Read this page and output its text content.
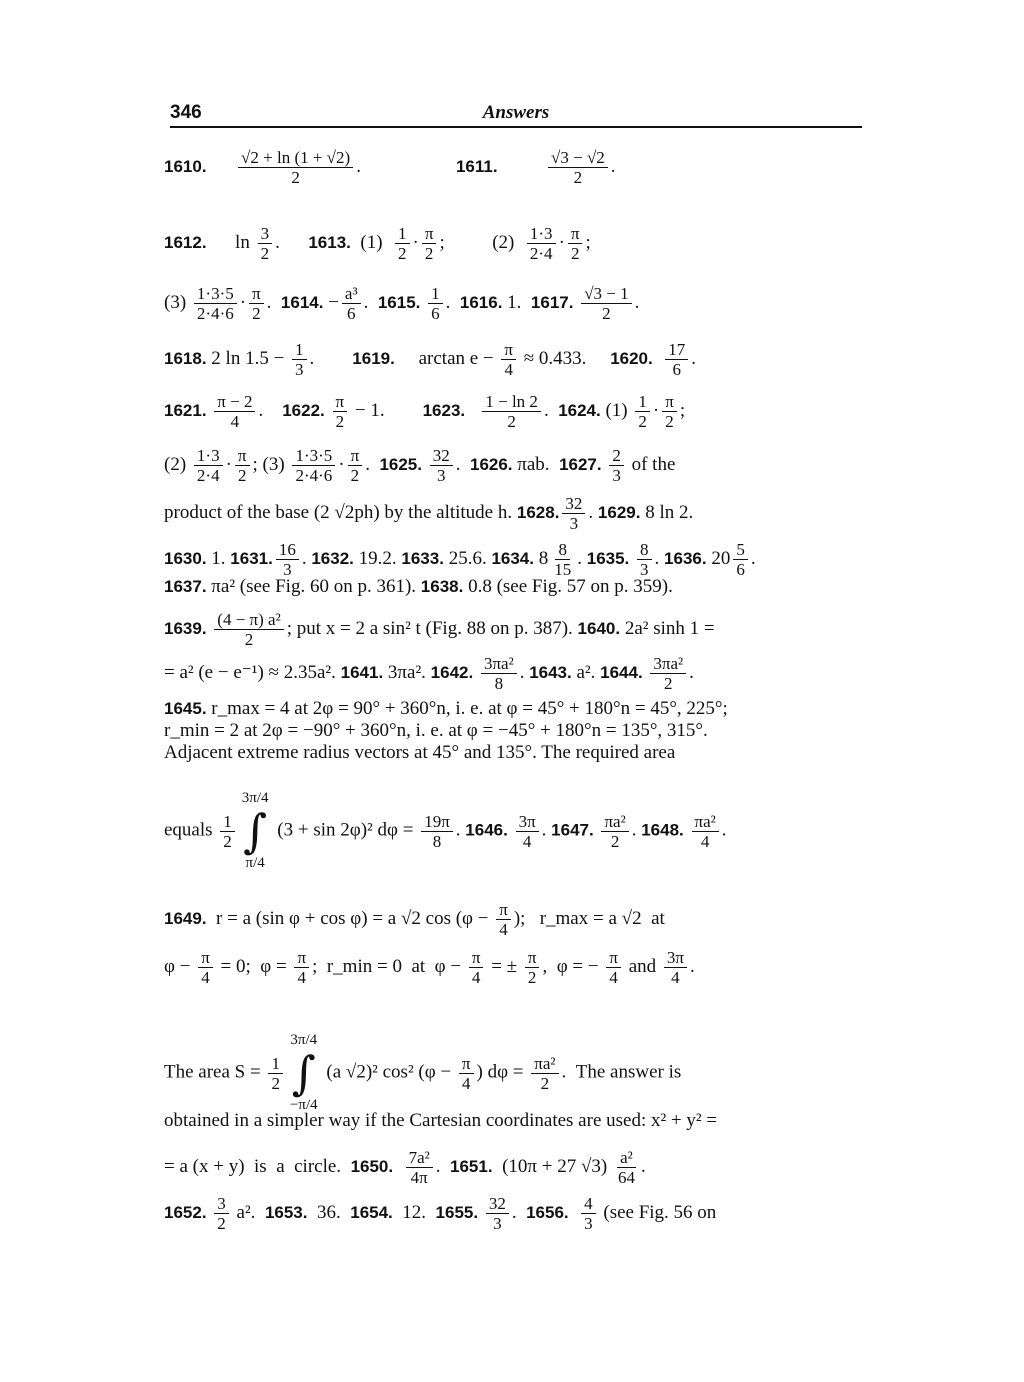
346	Answers
1610. $\frac{√2 + \ln (1 + √2)}{2}$ .                    1611.	$\frac{√3 - √2}{2}$ .
1612.      $\ln \frac{3}{2}$ .      1613.  $(1) \frac{1}{2} \cdot \frac{\pi}{2}$ ;          $(2) \frac{1\cdot 3}{2\cdot 4} \cdot \frac{\pi}{2}$ ;
$(3) \frac{1\cdot 3\cdot 5}{2\cdot 4\cdot 6} \cdot \frac{\pi}{2}$ .  1614. − $\frac{\text{a³}}{6}$ .  1615. $\frac{1}{6}$ .  1616. 1.  1617. $\frac{√3 - 1}{2}$ .
1618. 2 $\ln 1.5 - \frac{1}{3}$ .        1619.     $\arctan e - \frac{\pi}{4} \approx 0.433$.     1620. $\frac{17}{6}$ .
1621. $\frac{\pi - 2}{4}$ .    1622. $\frac{\pi}{2} - 1$.        1623. $\frac{1 - \ln 2}{2}$ .  1624. $(1) \frac{1}{2} \cdot \frac{\pi}{2}$ ;
$(2) \frac{1\cdot 3}{2\cdot 4} \cdot \frac{\pi}{2}$ ; $(3) \frac{1\cdot 3\cdot 5}{2\cdot 4\cdot 6} \cdot \frac{\pi}{2}$ .  1625. $\frac{32}{3}$ .  1626. πab.  1627. $\frac{2}{3}$ of the
product of the base (2 √2ph) by the altitude h. 1628. $\frac{32}{3}$ . 1629. 8 ln 2.
1630. 1. 1631. $\frac{16}{3}$ . 1632. 19.2. 1633. 25.6. 1634. $8 \frac{8}{15}$ . 1635. $\frac{8}{3}$ . 1636. $20 \frac{5}{6}$ .
1637. πa² (see Fig. 60 on p. 361). 1638. 0.8 (see Fig. 57 on p. 359).
1639. $\frac{\text{(4 − π) a²}}{2}$ ; put x = 2 a sin² t (Fig. 88 on p. 387). 1640. 2a² sinh 1 =
= a² (e − e⁻¹) ≈ 2.35a². 1641. 3πa². 1642. $\frac{\text{3πa²}}{8}$ . 1643. a². 1644. $\frac{\text{3πa²}}{2}$ .
1645. r_max = 4 at 2φ = 90° + 360°n, i. e. at φ = 45° + 180°n = 45°, 225°;
r_min = 2 at 2φ = −90° + 360°n, i. e. at φ = −45° + 180°n = 135°, 315°.
Adjacent extreme radius vectors at 45° and 135°. The required area
equals $\frac{1}{2}$
3π/4
∫
π/4
(3 + sin 2φ)² $d\varphi = \frac{19\pi}{8}$ . 1646. $\frac{3\pi}{4}$ . 1647. $\frac{\text{πa²}}{2}$ . 1648. $\frac{\text{πa²}}{4}$ .
1649.  r = a (sin φ + cos φ) = a √2 $\cos (\varphi - \frac{\pi}{4}$ );   r_max = a √2  at
$\varphi - \frac{\pi}{4} = 0$;  $\varphi = \frac{\pi}{4}$ ;  r_min = 0  at  $\varphi - \frac{\pi}{4}$ = ± $\frac{\pi}{2}$ ,  φ = − $\frac{\pi}{4}$ and $\frac{3\pi}{4}$ .
The area $S = \frac{1}{2}$
3π/4
∫
−π/4
(a √2)² cos² ($\varphi - \frac{\pi}{4}$ ) $d\varphi = \frac{\text{πa²}}{2}$ .  The answer is
obtained in a simpler way if the Cartesian coordinates are used: x² + y² =
= a (x + y)  is  a  circle.  1650. $\frac{\text{7a²}}{4\pi}$ .  1651.  (10π + 27 $√3) \frac{\text{a²}}{64}$ .
1652. $\frac{3}{2} a^2$.  1653.  36.  1654.  12.  1655. $\frac{32}{3}$ .  1656. $\frac{4}{3} (see$ Fig. 56 on
